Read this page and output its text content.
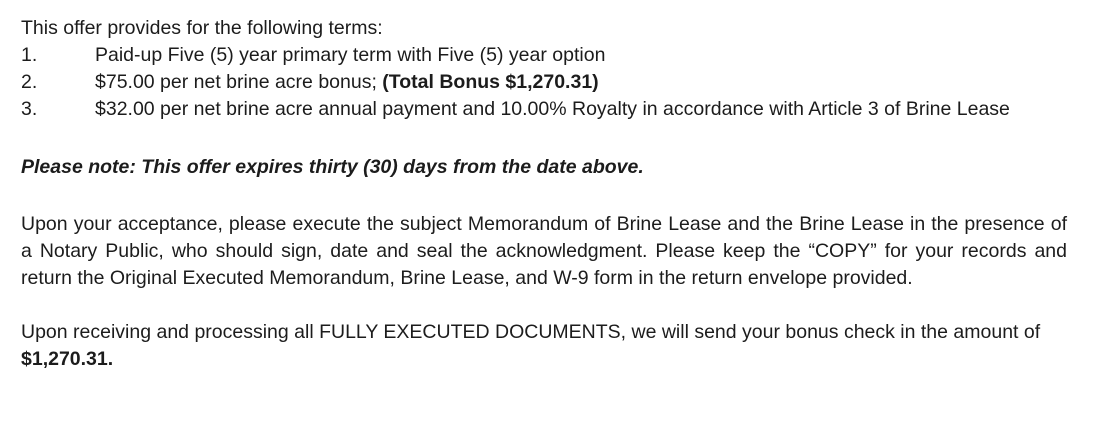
This offer provides for the following terms:

1.	Paid-up Five (5) year primary term with Five (5) year option
2.	$75.00 per net brine acre bonus; (Total Bonus $1,270.31)
3.	$32.00 per net brine acre annual payment and 10.00% Royalty in accordance with Article 3 of Brine Lease

Please note: This offer expires thirty (30) days from the date above.

Upon your acceptance, please execute the subject Memorandum of Brine Lease and the Brine Lease in the presence of a Notary Public, who should sign, date and seal the acknowledgment. Please keep the “COPY” for your records and return the Original Executed Memorandum, Brine Lease, and W-9 form in the return envelope provided.

Upon receiving and processing all FULLY EXECUTED DOCUMENTS, we will send your bonus check in the amount of $1,270.31.
